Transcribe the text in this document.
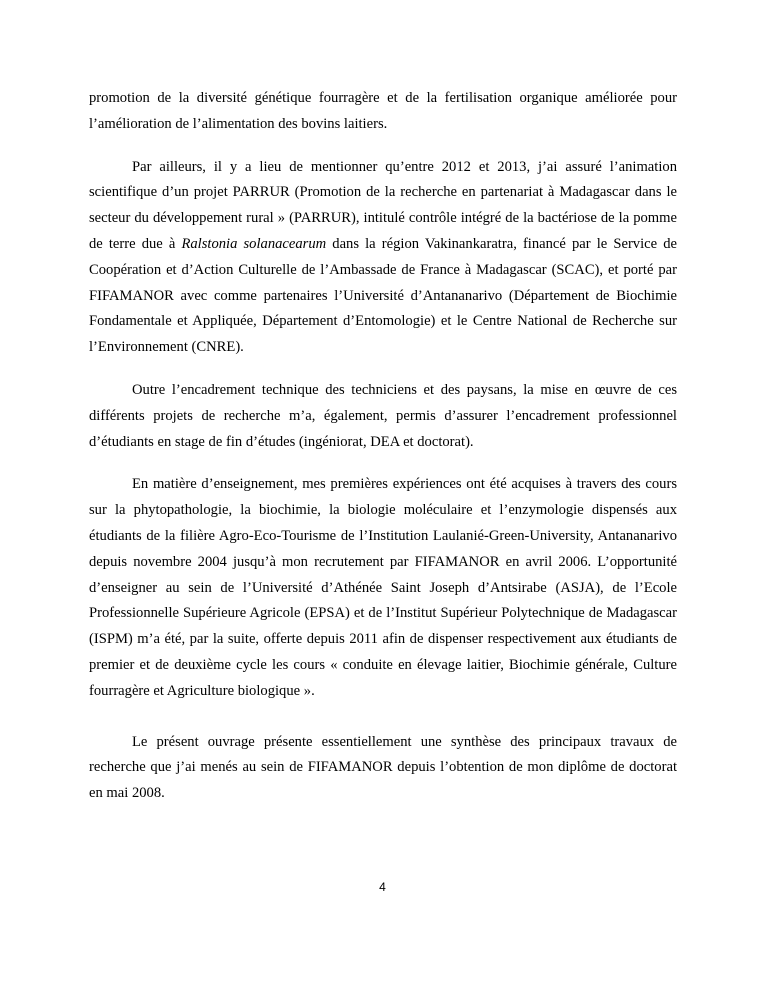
promotion de la diversité génétique fourragère et de la fertilisation organique améliorée pour l’amélioration de l’alimentation des bovins laitiers.

Par ailleurs, il y a lieu de mentionner qu’entre 2012 et 2013, j’ai assuré l’animation scientifique d’un projet PARRUR (Promotion de la recherche en partenariat à Madagascar dans le secteur du développement rural » (PARRUR), intitulé contrôle intégré de la bactériose de la pomme de terre due à Ralstonia solanacearum dans la région Vakinankaratra, financé par le Service de Coopération et d’Action Culturelle de l’Ambassade de France à Madagascar (SCAC), et porté par FIFAMANOR avec comme partenaires l’Université d’Antananarivo (Département de Biochimie Fondamentale et Appliquée, Département d’Entomologie) et le Centre National de Recherche sur l’Environnement (CNRE).

Outre l’encadrement technique des techniciens et des paysans, la mise en œuvre de ces différents projets de recherche m’a, également, permis d’assurer l’encadrement professionnel d’étudiants en stage de fin d’études (ingéniorat, DEA et doctorat).

En matière d’enseignement, mes premières expériences ont été acquises à travers des cours sur la phytopathologie, la biochimie, la biologie moléculaire et l’enzymologie dispensés aux étudiants de la filière Agro-Eco-Tourisme de l’Institution Laulanié-Green-University, Antananarivo depuis novembre 2004 jusqu’à mon recrutement par FIFAMANOR en avril 2006. L’opportunité d’enseigner au sein de l’Université d’Athénée Saint Joseph d’Antsirabe (ASJA), de l’Ecole Professionnelle Supérieure Agricole (EPSA) et de l’Institut Supérieur Polytechnique de Madagascar (ISPM) m’a été, par la suite, offerte depuis 2011 afin de dispenser respectivement aux étudiants de premier et de deuxième cycle les cours « conduite en élevage laitier, Biochimie générale, Culture fourragère et Agriculture biologique ».

Le présent ouvrage présente essentiellement une synthèse des principaux travaux de recherche que j’ai menés au sein de FIFAMANOR depuis l’obtention de mon diplôme de doctorat en mai 2008.

4
